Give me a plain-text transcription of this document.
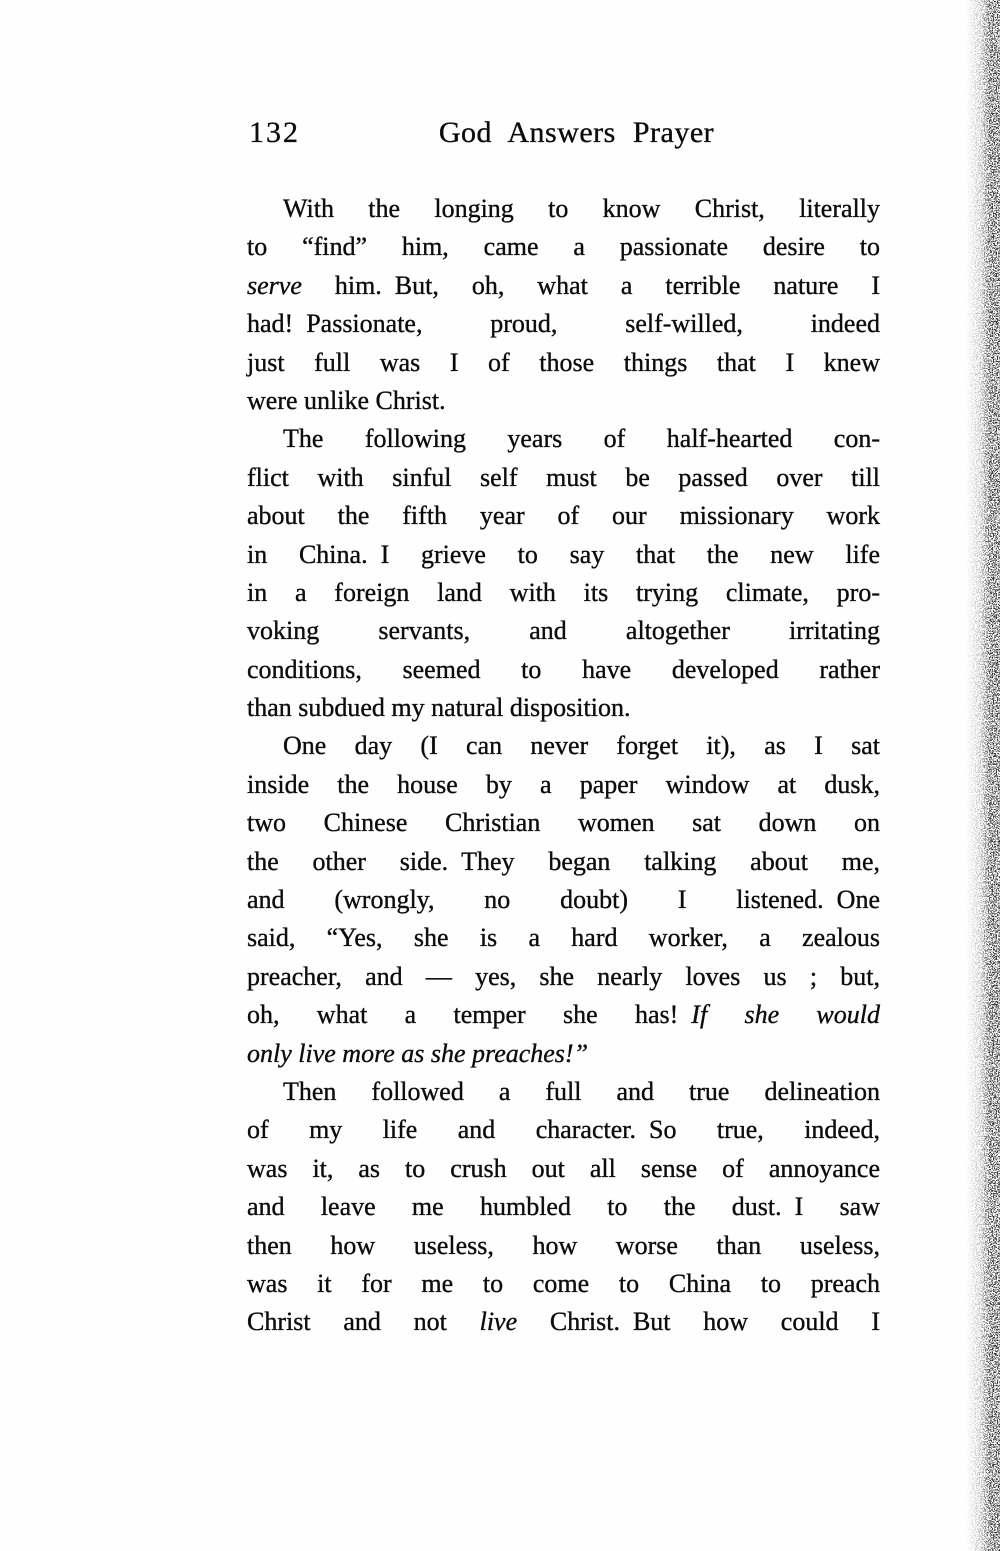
132	God Answers Prayer
With the longing to know Christ, literally
to “find” him, came a passionate desire to
serve him. But, oh, what a terrible nature I
had! Passionate, proud, self-willed, indeed
just full was I of those things that I knew
were unlike Christ.
The following years of half-hearted con-
flict with sinful self must be passed over till
about the fifth year of our missionary work
in China. I grieve to say that the new life
in a foreign land with its trying climate, pro-
voking servants, and altogether irritating
conditions, seemed to have developed rather
than subdued my natural disposition.
One day (I can never forget it), as I sat
inside the house by a paper window at dusk,
two Chinese Christian women sat down on
the other side. They began talking about me,
and (wrongly, no doubt) I listened. One
said, “Yes, she is a hard worker, a zealous
preacher, and — yes, she nearly loves us ; but,
oh, what a temper she has! If she would
only live more as she preaches!”
Then followed a full and true delineation
of my life and character. So true, indeed,
was it, as to crush out all sense of annoyance
and leave me humbled to the dust. I saw
then how useless, how worse than useless,
was it for me to come to China to preach
Christ and not live Christ. But how could I
